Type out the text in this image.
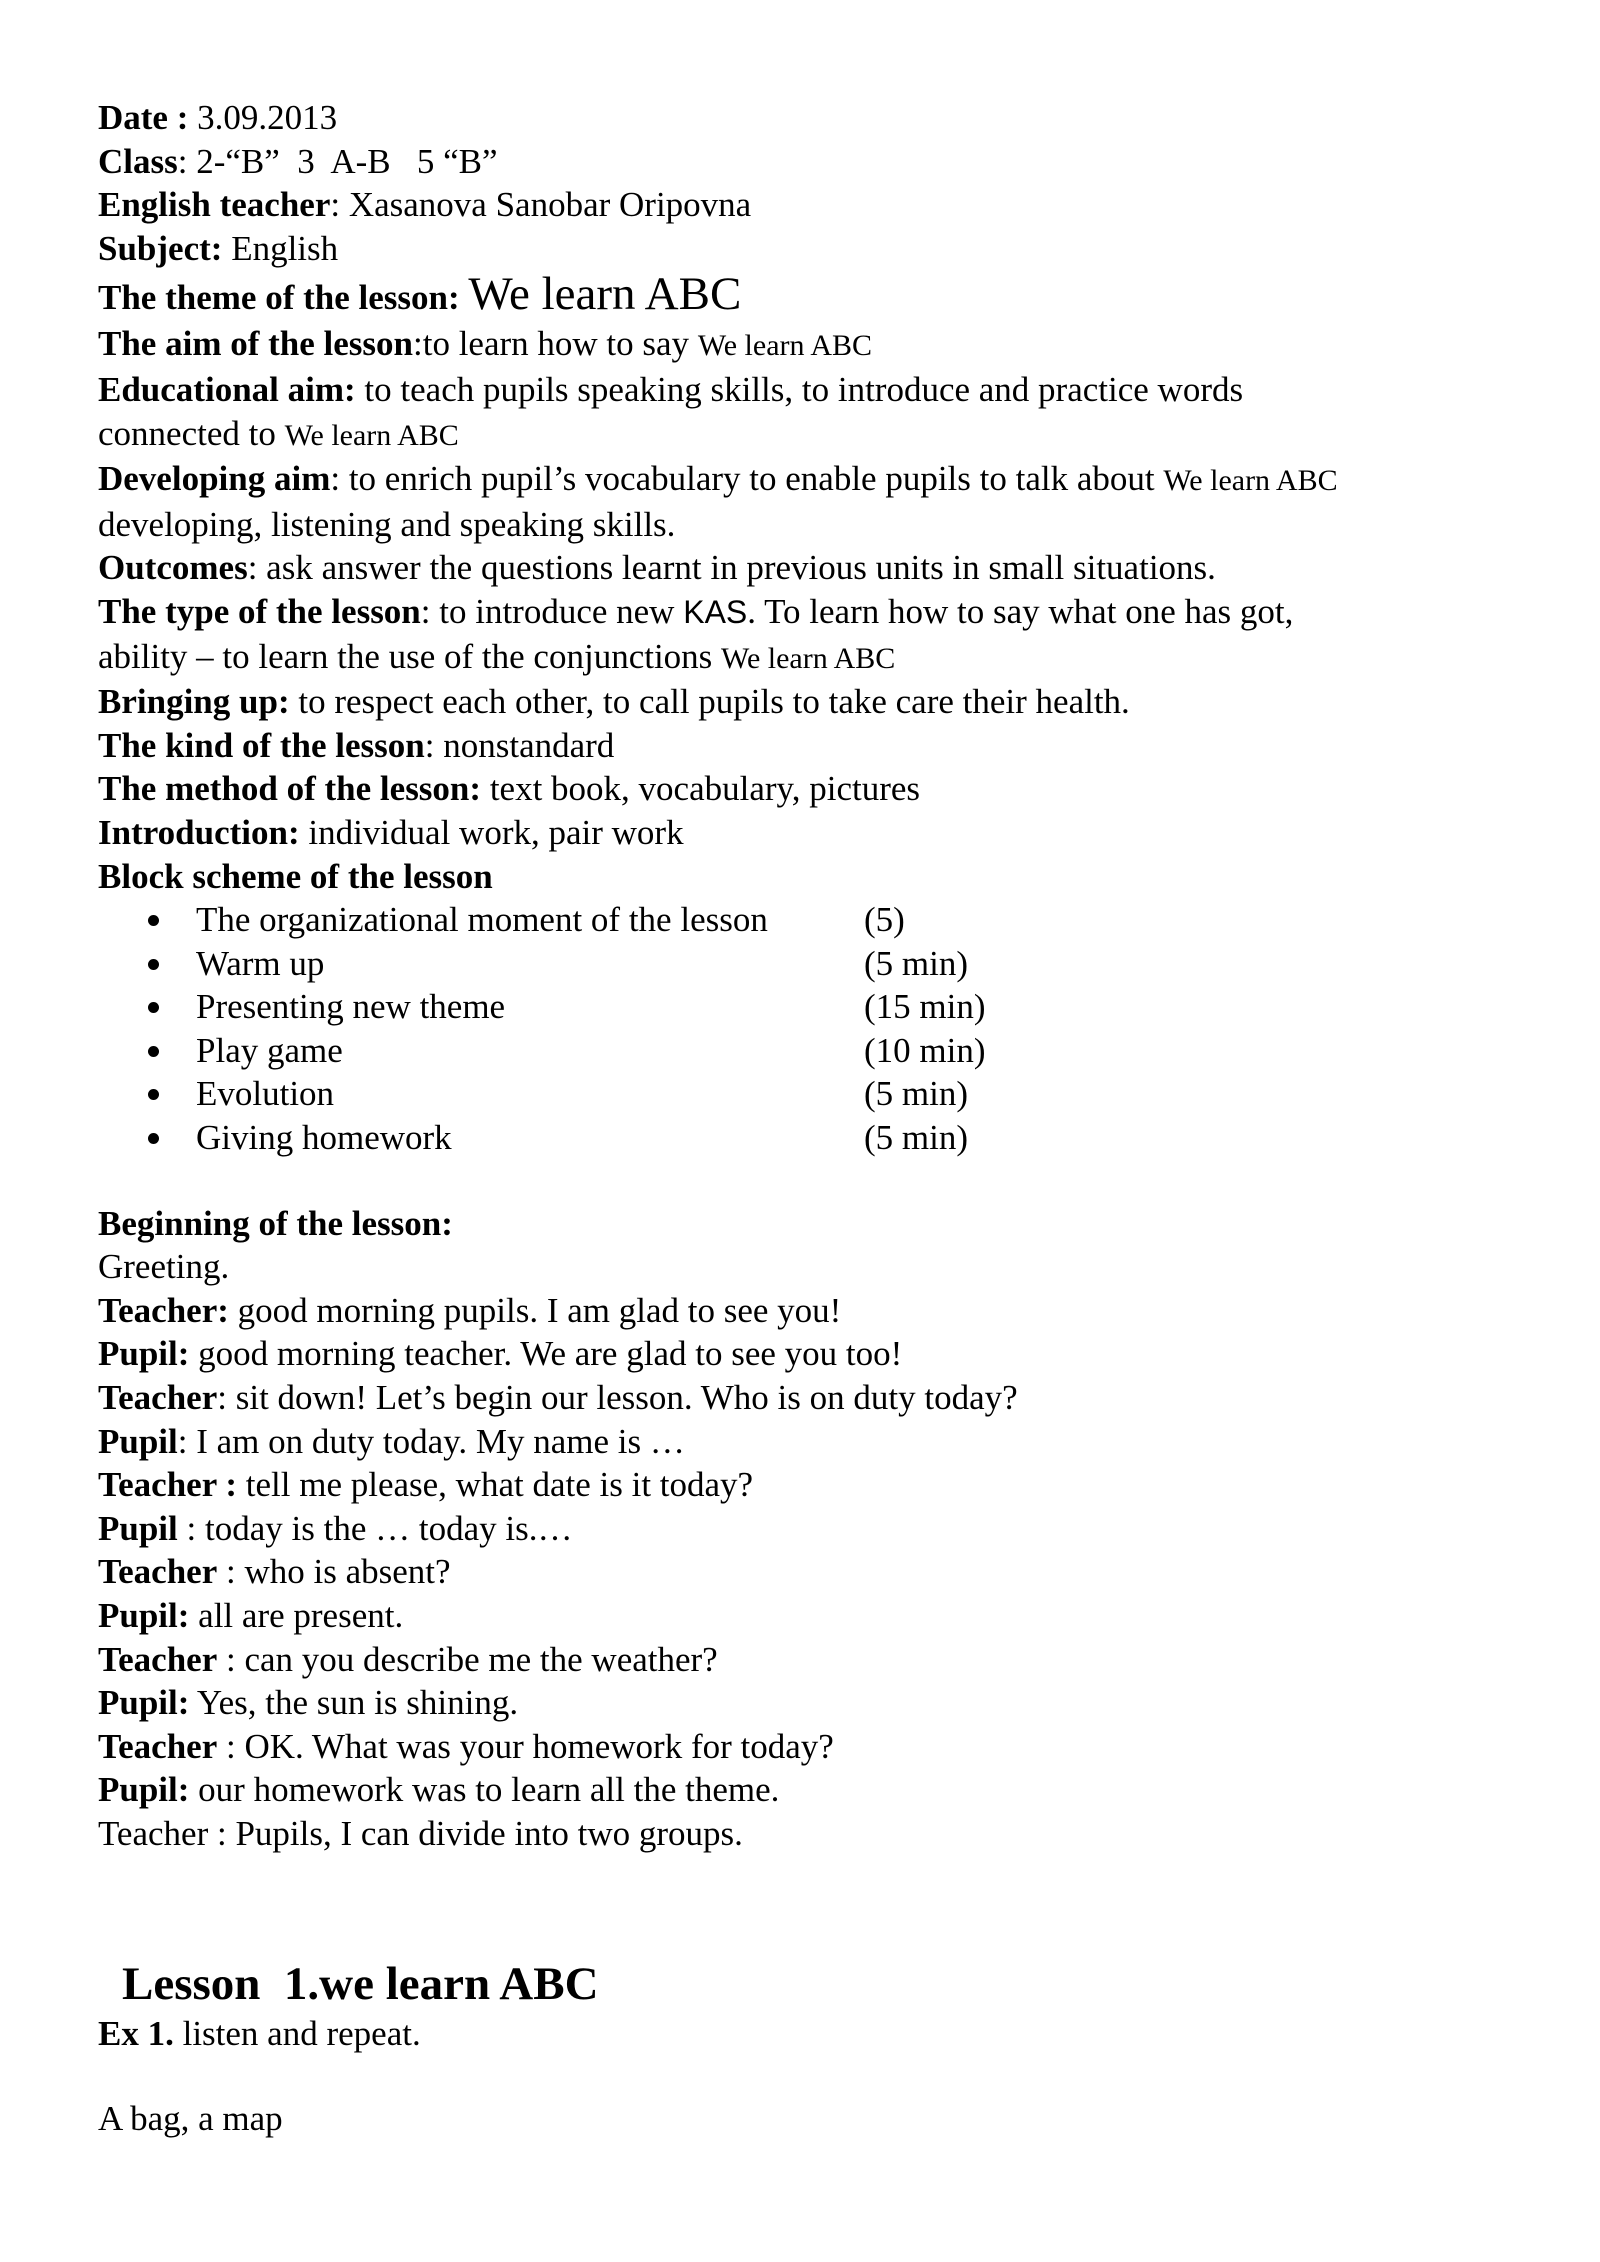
Date : 3.09.2013
Class: 2-“B”  3  A-B   5 “B”
English teacher: Xasanova Sanobar Oripovna
Subject: English
The theme of the lesson: We learn ABC
The aim of the lesson:to learn how to say We learn ABC
Educational aim: to teach pupils speaking skills, to introduce and practice words
connected to We learn ABC
Developing aim: to enrich pupil’s vocabulary to enable pupils to talk about We learn ABC
developing, listening and speaking skills.
Outcomes: ask answer the questions learnt in previous units in small situations.
The type of the lesson: to introduce new KAS. To learn how to say what one has got,
ability – to learn the use of the conjunctions We learn ABC
Bringing up: to respect each other, to call pupils to take care their health.
The kind of the lesson: nonstandard
The method of the lesson: text book, vocabulary, pictures
Introduction: individual work, pair work
Block scheme of the lesson
The organizational moment of the lesson	(5)
Warm up	(5 min)
Presenting new theme	(15 min)
Play game	(10 min)
Evolution	(5 min)
Giving homework	(5 min)
Beginning of the lesson:
Greeting.
Teacher: good morning pupils. I am glad to see you!
Pupil: good morning teacher. We are glad to see you too!
Teacher: sit down! Let’s begin our lesson. Who is on duty today?
Pupil: I am on duty today. My name is …
Teacher : tell me please, what date is it today?
Pupil : today is the … today is.…
Teacher : who is absent?
Pupil: all are present.
Teacher : can you describe me the weather?
Pupil: Yes, the sun is shining.
Teacher : OK. What was your homework for today?
Pupil: our homework was to learn all the theme.
Teacher : Pupils, I can divide into two groups.
Lesson  1.we learn ABC
Ex 1. listen and repeat.
A bag, a map
